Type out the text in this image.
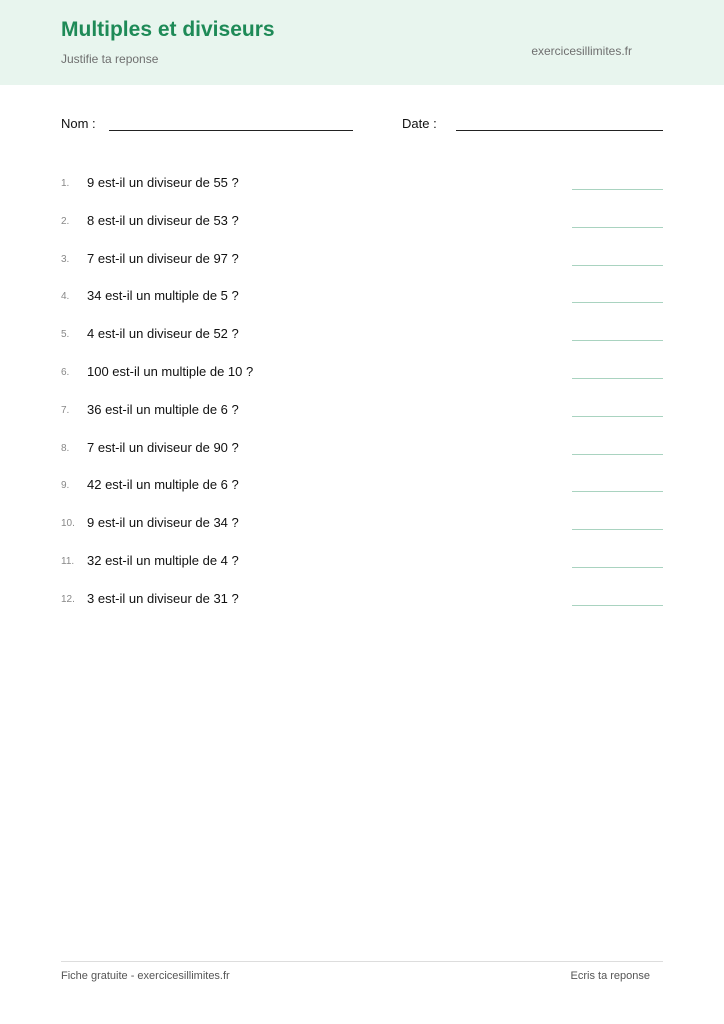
Multiples et diviseurs
Justifie ta reponse
exercicesillimites.fr
Nom :	Date :
1. 9 est-il un diviseur de 55 ?
2. 8 est-il un diviseur de 53 ?
3. 7 est-il un diviseur de 97 ?
4. 34 est-il un multiple de 5 ?
5. 4 est-il un diviseur de 52 ?
6. 100 est-il un multiple de 10 ?
7. 36 est-il un multiple de 6 ?
8. 7 est-il un diviseur de 90 ?
9. 42 est-il un multiple de 6 ?
10. 9 est-il un diviseur de 34 ?
11. 32 est-il un multiple de 4 ?
12. 3 est-il un diviseur de 31 ?
Fiche gratuite - exercicesillimites.fr	Ecris ta reponse
